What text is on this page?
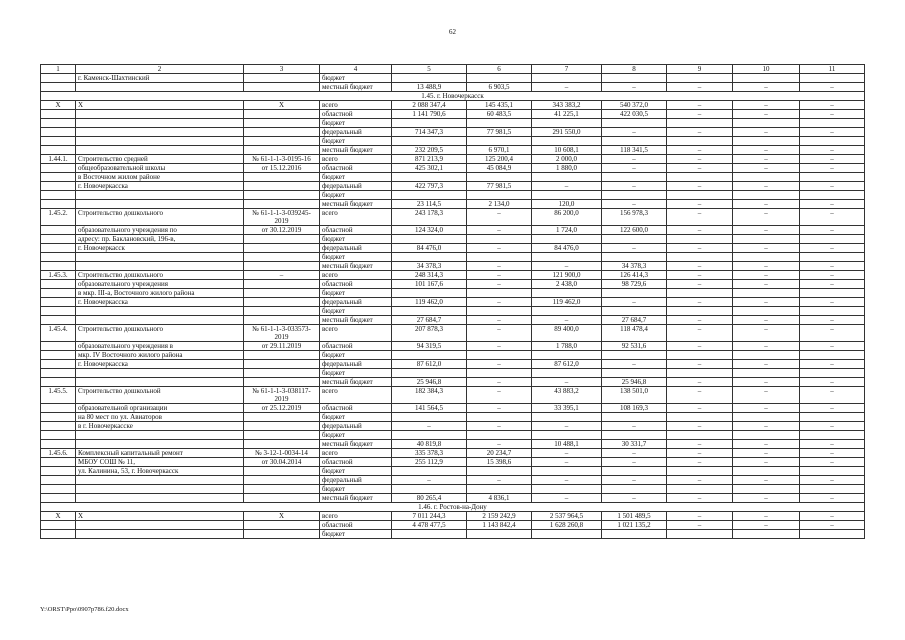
62
1	2	3	4	5	6	7	8	9	10	11
	г. Каменск-Шахтинский		бюджет							
			местный бюджет	13 488,9	6 903,5	–	–	–	–	–
1.45. г. Новочеркасск										
X	X	X	всего	2 088 347,4	145 435,1	343 383,2	540 372,0	–	–	–
			областной	1 141 790,6	60 483,5	41 225,1	422 030,5	–	–	–
			бюджет							
			федеральный	714 347,3	77 981,5	291 550,0	–	–	–	–
			бюджет							
			местный бюджет	232 209,5	6 970,1	10 608,1	118 341,5	–	–	–
1.44.1.	Строительство средней	№ 61-1-1-3-0195-16	всего	871 213,9	125 200,4	2 000,0	–	–	–	–
	общеобразовательной школы	от 15.12.2016	областной	425 302,1	45 084,9	1 880,0	–	–	–	–
	в Восточном жилом районе		бюджет							
	г. Новочеркасска		федеральный	422 797,3	77 981,5	–	–	–	–	–
			бюджет							
			местный бюджет	23 114,5	2 134,0	120,0	–	–	–	–
1.45.2.	Строительство дошкольного	№ 61-1-1-3-039245-2019	всего	243 178,3	–	86 200,0	156 978,3	–	–	–
	образовательного учреждения по	от 30.12.2019	областной	124 324,0	–	1 724,0	122 600,0	–	–	–
	адресу: пр. Баклановский, 196-в,		бюджет							
	г. Новочеркасск		федеральный	84 476,0	–	84 476,0	–	–	–	–
			бюджет							
			местный бюджет	34 378,3	–	–	34 378,3	–	–	–
1.45.3.	Строительство дошкольного	–	всего	248 314,3	–	121 900,0	126 414,3	–	–	–
	образовательного учреждения		областной	101 167,6	–	2 438,0	98 729,6	–	–	–
	в мкр. III-а, Восточного жилого района		бюджет							
	г. Новочеркасска		федеральный	119 462,0	–	119 462,0	–	–	–	–
			бюджет							
			местный бюджет	27 684,7	–	–	27 684,7	–	–	–
1.45.4.	Строительство дошкольного	№ 61-1-1-3-033573-2019	всего	207 878,3	–	89 400,0	118 478,4	–	–	–
	образовательного учреждения в	от 29.11.2019	областной	94 319,5	–	1 788,0	92 531,6	–	–	–
	мкр. IV Восточного жилого района		бюджет							
	г. Новочеркасска		федеральный	87 612,0	–	87 612,0	–	–	–	–
			бюджет							
			местный бюджет	25 946,8	–	–	25 946,8	–	–	–
1.45.5.	Строительство дошкольной	№ 61-1-1-3-038117-2019	всего	182 384,3	–	43 883,2	138 501,0	–	–	–
	образовательной организации	от 25.12.2019	областной	141 564,5	–	33 395,1	108 169,3	–	–	–
	на 80 мест по ул. Авиаторов		бюджет							
	в г. Новочеркасске		федеральный	–	–	–	–	–	–	–
			бюджет							
			местный бюджет	40 819,8	–	10 488,1	30 331,7	–	–	–
1.45.6.	Комплексный капитальный ремонт	№ 3-12-1-0034-14	всего	335 378,3	20 234,7	–	–	–	–	–
	МБОУ СОШ № 11,	от 30.04.2014	областной	255 112,9	15 398,6	–	–	–	–	–
	ул. Калинина, 53, г. Новочеркасск		бюджет							
			федеральный	–	–	–	–	–	–	–
			бюджет							
			местный бюджет	80 265,4	4 836,1	–	–	–	–	–
1.46. г. Ростов-на-Дону										
X	X	X	всего	7 011 244,3	2 159 242,9	2 537 964,5	1 501 489,5	–	–	–
			областной	4 478 477,5	1 143 842,4	1 628 260,8	1 021 135,2	–	–	–
			бюджет							
Y:\ORST\Ppo\0907p786.f20.docx
